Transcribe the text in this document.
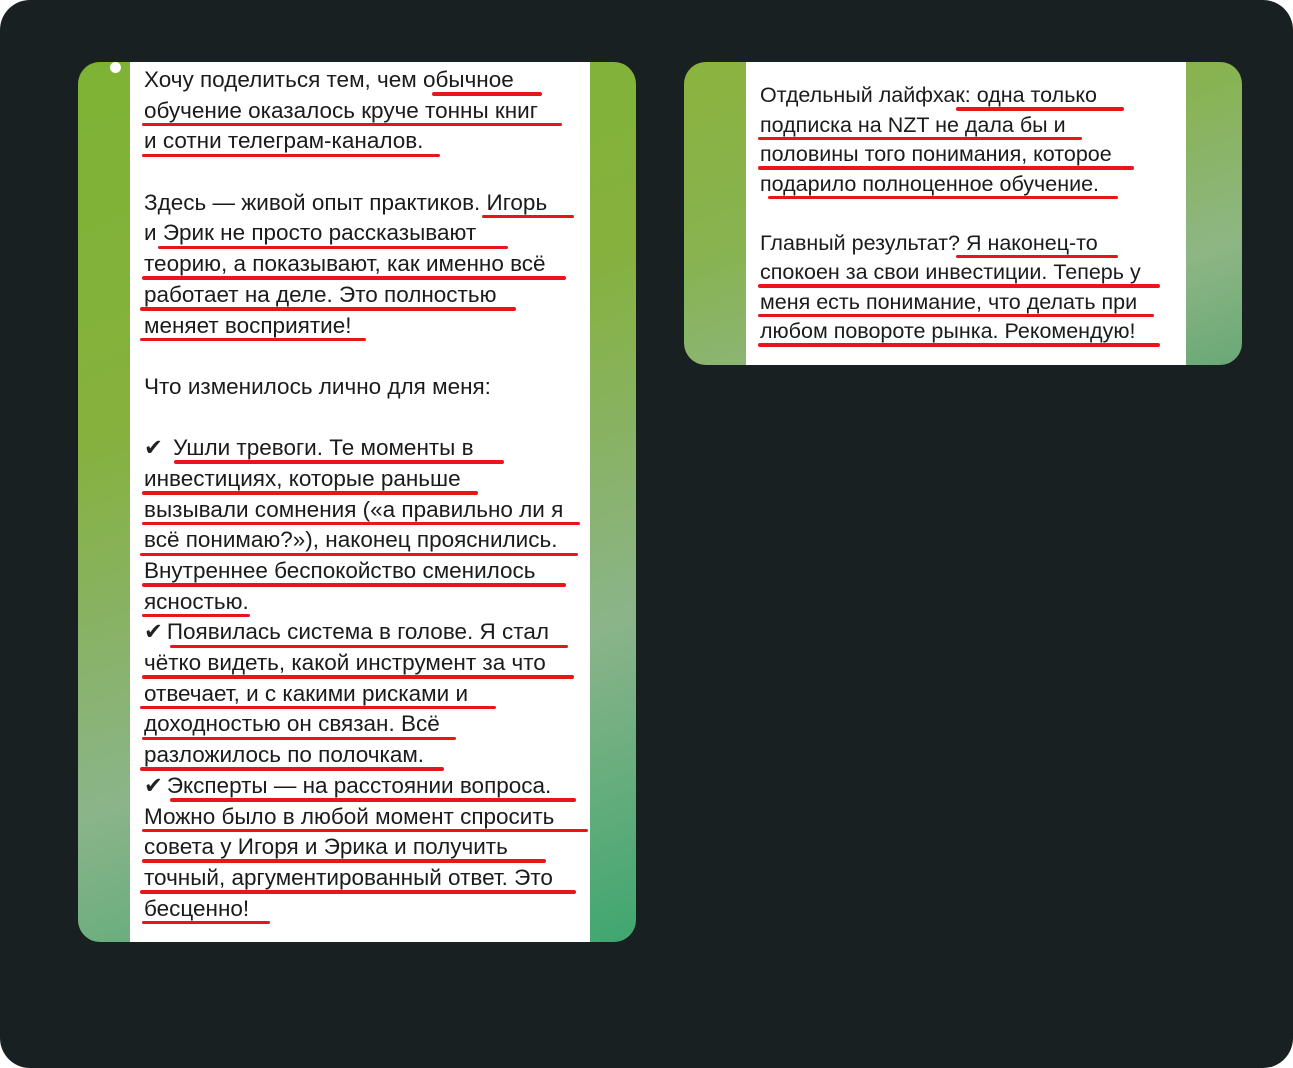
Хочу поделиться тем, чем обычное
обучение оказалось круче тонны книг
и сотни телеграм-каналов.
Здесь — живой опыт практиков. Игорь
и Эрик не просто рассказывают
теорию, а показывают, как именно всё
работает на деле. Это полностью
меняет восприятие!
Что изменилось лично для меня:
✔ Ушли тревоги. Те моменты в
инвестициях, которые раньше
вызывали сомнения («а правильно ли я
всё понимаю?»), наконец прояснились.
Внутреннее беспокойство сменилось
ясностью.
✔ Появилась система в голове. Я стал
чётко видеть, какой инструмент за что
отвечает, и с какими рисками и
доходностью он связан. Всё
разложилось по полочкам.
✔ Эксперты — на расстоянии вопроса.
Можно было в любой момент спросить
совета у Игоря и Эрика и получить
точный, аргументированный ответ. Это
бесценно!
Отдельный лайфхак: одна только
подписка на NZT не дала бы и
половины того понимания, которое
подарило полноценное обучение.
Главный результат? Я наконец-то
спокоен за свои инвестиции. Теперь у
меня есть понимание, что делать при
любом повороте рынка. Рекомендую!
